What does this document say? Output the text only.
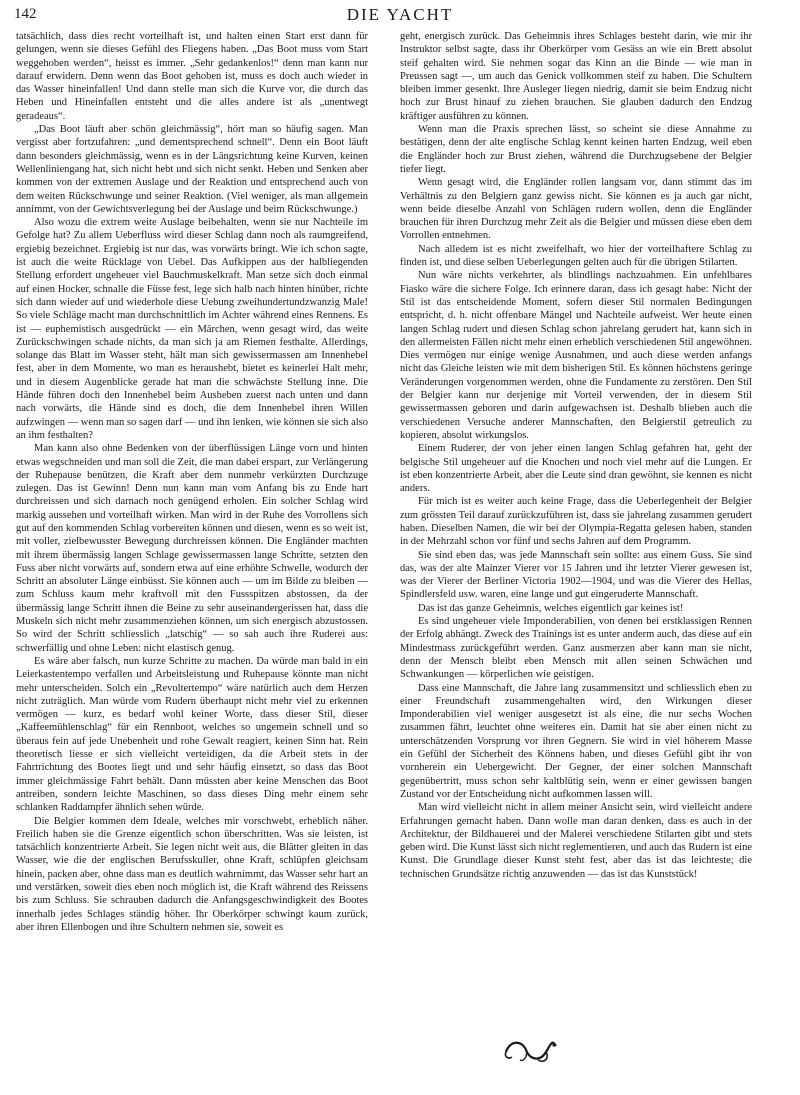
142	DIE YACHT

tatsächlich, dass dies recht vorteilhaft ist, und halten einen Start erst dann für gelungen, wenn sie dieses Gefühl des Fliegens haben. „Das Boot muss vom Start weggehoben werden“, heisst es immer. „Sehr gedankenlos!“ denn man kann nur darauf erwidern. Denn wenn das Boot gehoben ist, muss es doch auch wieder in das Wasser hineinfallen! Und dann stelle man sich die Kurve vor, die durch das Heben und Hineinfallen entsteht und die alles andere ist als „unentwegt geradeaus“.

„Das Boot läuft aber schön gleichmässig“, hört man so häufig sagen. Man vergisst aber fortzufahren: „und dementsprechend schnell“. Denn ein Boot läuft dann besonders gleichmässig, wenn es in der Längsrichtung keine Kurven, keinen Wellenliniengang hat, sich nicht hebt und sich nicht senkt. Heben und Senken aber kommen von der extremen Auslage und der Reaktion und entsprechend auch von dem weiten Rückschwunge und seiner Reaktion. (Viel weniger, als man allgemein annimmt, von der Gewichtsverlegung bei der Auslage und beim Rückschwunge.)

Also wozu die extrem weite Auslage beibehalten, wenn sie nur Nachteile im Gefolge hat? Zu allem Ueberfluss wird dieser Schlag dann noch als raumgreifend, ergiebig bezeichnet. Ergiebig ist nur das, was vorwärts bringt. Wie ich schon sagte, ist auch die weite Rücklage von Uebel. Das Aufkippen aus der halbliegenden Stellung erfordert ungeheuer viel Bauchmuskelkraft. Man setze sich doch einmal auf einen Hocker, schnalle die Füsse fest, lege sich halb nach hinten hinüber, richte sich dann wieder auf und wiederhole diese Uebung zweihundertundzwanzig Male! So viele Schläge macht man durchschnittlich im Achter während eines Rennens. Es ist — euphemistisch ausgedrückt — ein Märchen, wenn gesagt wird, das weite Zurückschwingen schade nichts, da man sich ja am Riemen festhalte. Allerdings, solange das Blatt im Wasser steht, hält man sich gewissermassen am Innenhebel fest, aber in dem Momente, wo man es heraushebt, bietet es keinerlei Halt mehr, und in diesem Augenblicke gerade hat man die schwächste Stellung inne. Die Hände führen doch den Innenhebel beim Ausheben zuerst nach unten und dann nach vorwärts, die Hände sind es doch, die dem Innenhebel ihren Willen aufzwingen — wenn man so sagen darf — und ihn lenken, wie können sie sich also an ihm festhalten?

Man kann also ohne Bedenken von der überflüssigen Länge vorn und hinten etwas wegschneiden und man soll die Zeit, die man dabei erspart, zur Verlängerung der Ruhepause benützen, die Kraft aber dem nunmehr verkürzten Durchzuge zulegen. Das ist Gewinn! Denn nun kann man vom Anfang bis zu Ende hart durchreissen und sich darnach noch genügend erholen. Ein solcher Schlag wird markig aussehen und vorteilhaft wirken. Man wird in der Ruhe des Vorrollens sich gut auf den kommenden Schlag vorbereiten können und diesen, wenn es so weit ist, mit voller, zielbewusster Bewegung durchreissen können. Die Engländer machten mit ihrem übermässig langen Schlage gewissermassen lange Schritte, setzten den Fuss aber nicht vorwärts auf, sondern etwa auf eine erhöhte Schwelle, wodurch der Schritt an absoluter Länge einbüsst. Sie können auch — um im Bilde zu bleiben — zum Schluss kaum mehr kraftvoll mit den Fussspitzen abstossen, da der übermässig lange Schritt ihnen die Beine zu sehr auseinandergerissen hat, dass die Muskeln sich nicht mehr zusammenziehen können, um sich energisch abzustossen. So wird der Schritt schliesslich „latschig“ — so sah auch ihre Ruderei aus: schwerfällig und ohne Leben: nicht elastisch genug.

Es wäre aber falsch, nun kurze Schritte zu machen. Da würde man bald in ein Leierkastentempo verfallen und Arbeitsleistung und Ruhepause könnte man nicht mehr unterscheiden. Solch ein „Revoltertempo“ wäre natürlich auch dem Herzen nicht zuträglich. Man würde vom Rudern überhaupt nicht mehr viel zu erkennen vermögen — kurz, es bedarf wohl keiner Worte, dass dieser Stil, dieser „Kaffeemühlenschlag“ für ein Rennboot, welches so ungemein schnell und so überaus fein auf jede Unebenheit und rohe Gewalt reagiert, keinen Sinn hat. Rein theoretisch liesse er sich vielleicht verteidigen, da die Arbeit stets in der Fahrtrichtung des Bootes liegt und und sehr häufig einsetzt, so dass das Boot immer gleichmässige Fahrt behält. Dann müssten aber keine Menschen das Boot antreiben, sondern leichte Maschinen, so dass dieses Ding mehr einem sehr schlanken Raddampfer ähnlich sehen würde.

Die Belgier kommen dem Ideale, welches mir vorschwebt, erheblich näher. Freilich haben sie die Grenze eigentlich schon überschritten. Was sie leisten, ist tatsächlich konzentrierte Arbeit. Sie legen nicht weit aus, die Blätter gleiten in das Wasser, wie die der englischen Berufsskuller, ohne Kraft, schlüpfen gleichsam hinein, packen aber, ohne dass man es deutlich wahrnimmt, das Wasser sehr hart an und verstärken, soweit dies eben noch möglich ist, die Kraft während des Reissens bis zum Schluss. Sie schrauben dadurch die Anfangsgeschwindigkeit des Bootes innerhalb jedes Schlages ständig höher. Ihr Oberkörper schwingt kaum zurück, aber ihren Ellenbogen und ihre Schultern nehmen sie, soweit es

geht, energisch zurück. Das Geheimnis ihres Schlages besteht darin, wie mir ihr Instruktor selbst sagte, dass ihr Oberkörper vom Gesäss an wie ein Brett absolut steif gehalten wird. Sie nehmen sogar das Kinn an die Binde — wie man in Preussen sagt —, um auch das Genick vollkommen steif zu haben. Die Schultern bleiben immer gesenkt. Ihre Ausleger liegen niedrig, damit sie beim Endzug nicht hoch zur Brust hinauf zu ziehen brauchen. Sie glauben dadurch den Endzug kräftiger ausführen zu können.

Wenn man die Praxis sprechen lässt, so scheint sie diese Annahme zu bestätigen, denn der alte englische Schlag kennt keinen harten Endzug, weil eben die Engländer hoch zur Brust ziehen, während die Durchzugsebene der Belgier tiefer liegt.

Wenn gesagt wird, die Engländer rollen langsam vor, dann stimmt das im Verhältnis zu den Belgiern ganz gewiss nicht. Sie können es ja auch gar nicht, wenn beide dieselbe Anzahl von Schlägen rudern wollen, denn die Engländer brauchen für ihren Durchzug mehr Zeit als die Belgier und müssen diese eben dem Vorrollen entnehmen.

Nach alledem ist es nicht zweifelhaft, wo hier der vorteilhaftere Schlag zu finden ist, und diese selben Ueberlegungen gelten auch für die übrigen Stilarten.

Nun wäre nichts verkehrter, als blindlings nachzuahmen. Ein unfehlbares Fiasko wäre die sichere Folge. Ich erinnere daran, dass ich gesagt habe: Nicht der Stil ist das entscheidende Moment, sofern dieser Stil normalen Bedingungen entspricht, d. h. nicht offenbare Mängel und Nachteile aufweist. Wer heute einen langen Schlag rudert und diesen Schlag schon jahrelang gerudert hat, kann sich in den allermeisten Fällen nicht mehr einen erheblich verschiedenen Stil angewöhnen. Dies vermögen nur einige wenige Ausnahmen, und auch diese werden anfangs nicht das Gleiche leisten wie mit dem bisherigen Stil. Es können höchstens geringe Veränderungen vorgenommen werden, ohne die Fundamente zu zerstören. Den Stil der Belgier kann nur derjenige mit Vorteil verwenden, der in diesem Stil gewissermassen geboren und darin aufgewachsen ist. Deshalb blieben auch die verschiedenen Versuche anderer Mannschaften, den Belgierstil getreulich zu kopieren, absolut wirkungslos.

Einem Ruderer, der von jeher einen langen Schlag gefahren hat, geht der belgische Stil ungeheuer auf die Knochen und noch viel mehr auf die Lungen. Er ist eben konzentrierte Arbeit, aber die Leute sind dran gewöhnt, sie kennen es nicht anders.

Für mich ist es weiter auch keine Frage, dass die Ueberlegenheit der Belgier zum grössten Teil darauf zurückzuführen ist, dass sie jahrelang zusammen gerudert haben. Dieselben Namen, die wir bei der Olympia-Regatta gelesen haben, standen in der Mehrzahl schon vor fünf und sechs Jahren auf dem Programm.

Sie sind eben das, was jede Mannschaft sein sollte: aus einem Guss. Sie sind das, was der alte Mainzer Vierer vor 15 Jahren und ihr letzter Vierer gewesen ist, was der Vierer der Berliner Victoria 1902—1904, und was die Vierer des Hellas, Spindlersfeld usw. waren, eine lange und gut eingeruderte Mannschaft.

Das ist das ganze Geheimnis, welches eigentlich gar keines ist!

Es sind ungeheuer viele Imponderabilien, von denen bei erstklassigen Rennen der Erfolg abhängt. Zweck des Trainings ist es unter anderm auch, das diese auf ein Mindestmass zurückgeführt werden. Ganz ausmerzen aber kann man sie nicht, denn der Mensch bleibt eben Mensch mit allen seinen Schwächen und Schwankungen — körperlichen wie geistigen.

Dass eine Mannschaft, die Jahre lang zusammensitzt und schliesslich eben zu einer Freundschaft zusammengehalten wird, den Wirkungen dieser Imponderabilien viel weniger ausgesetzt ist als eine, die nur sechs Wochen zusammen fährt, leuchtet ohne weiteres ein. Damit hat sie aber einen nicht zu unterschätzenden Vorsprung vor ihren Gegnern. Sie wird in viel höherem Masse ein Gefühl der Sicherheit des Könnens haben, und dieses Gefühl gibt ihr von vornherein ein Uebergewicht. Der Gegner, der einer solchen Mannschaft gegenübertritt, muss schon sehr kaltblütig sein, wenn er einer gewissen bangen Zustand vor der Entscheidung nicht aufkommen lassen will.

Man wird vielleicht nicht in allem meiner Ansicht sein, wird vielleicht andere Erfahrungen gemacht haben. Dann wolle man daran denken, dass es auch in der Architektur, der Bildhauerei und der Malerei verschiedene Stilarten gibt und stets geben wird. Die Kunst lässt sich nicht reglementieren, und auch das Rudern ist eine Kunst. Die Grundlage dieser Kunst steht fest, aber das ist das leichteste; die technischen Grundsätze richtig anzuwenden — das ist das Kunststück!
